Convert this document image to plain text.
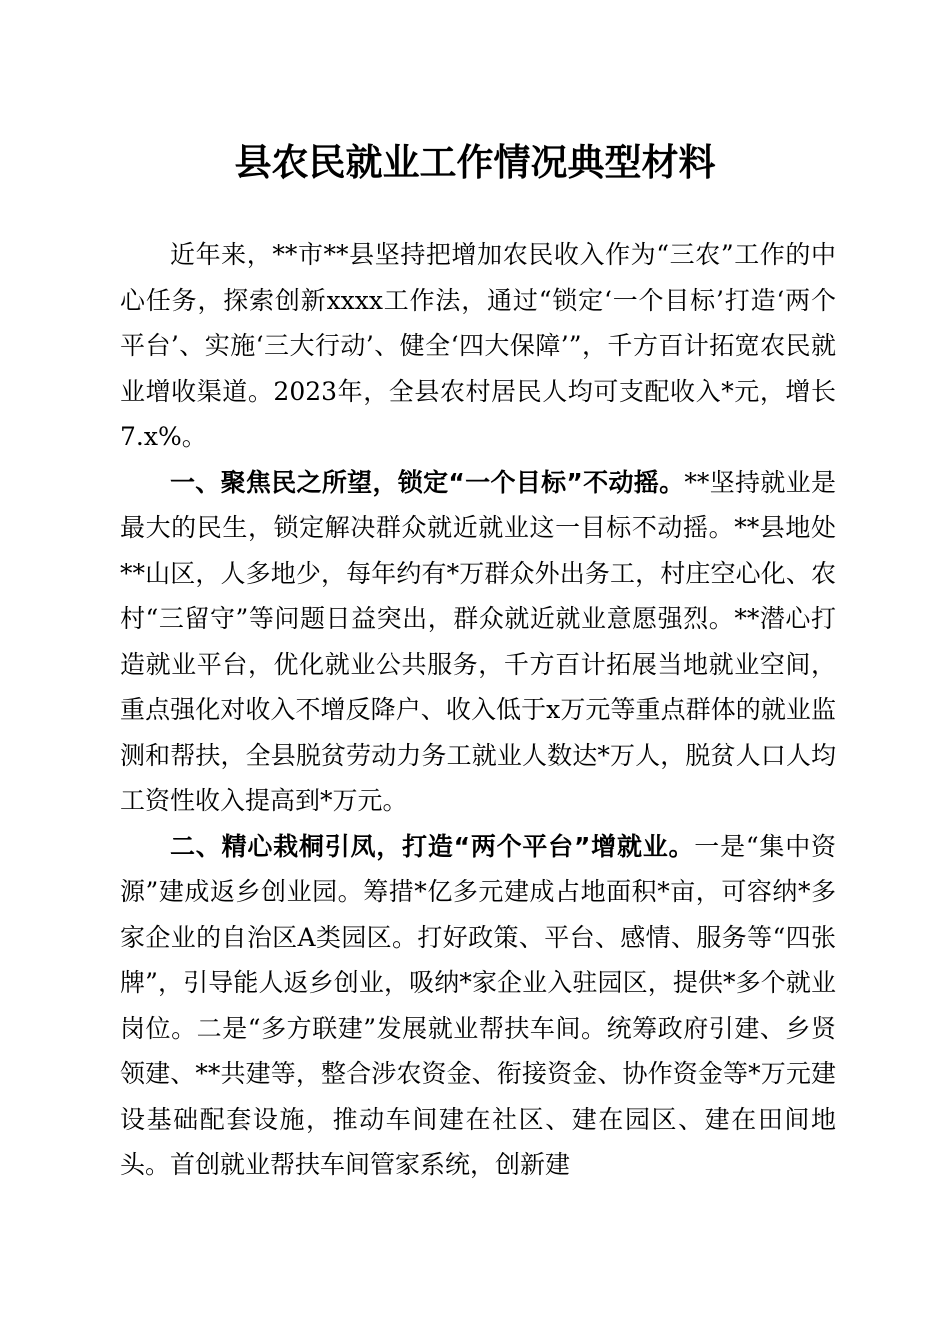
县农民就业工作情况典型材料

近年来，**市**县坚持把增加农民收入作为“三农”工作的中心任务，探索创新xxxx工作法，通过“锁定‘一个目标’打造‘两个平台’、实施‘三大行动’、健全‘四大保障’”，千方百计拓宽农民就业增收渠道。2023年，全县农村居民人均可支配收入*元，增长7.x%。

一、聚焦民之所望，锁定“一个目标”不动摇。**坚持就业是最大的民生，锁定解决群众就近就业这一目标不动摇。**县地处**山区，人多地少，每年约有*万群众外出务工，村庄空心化、农村“三留守”等问题日益突出，群众就近就业意愿强烈。**潜心打造就业平台，优化就业公共服务，千方百计拓展当地就业空间，重点强化对收入不增反降户、收入低于x万元等重点群体的就业监测和帮扶，全县脱贫劳动力务工就业人数达*万人，脱贫人口人均工资性收入提高到*万元。

二、精心栽桐引凤，打造“两个平台”增就业。一是“集中资源”建成返乡创业园。筹措*亿多元建成占地面积*亩，可容纳*多家企业的自治区A类园区。打好政策、平台、感情、服务等“四张牌”，引导能人返乡创业，吸纳*家企业入驻园区，提供*多个就业岗位。二是“多方联建”发展就业帮扶车间。统筹政府引建、乡贤领建、**共建等，整合涉农资金、衔接资金、协作资金等*万元建设基础配套设施，推动车间建在社区、建在园区、建在田间地头。首创就业帮扶车间管家系统，创新建
